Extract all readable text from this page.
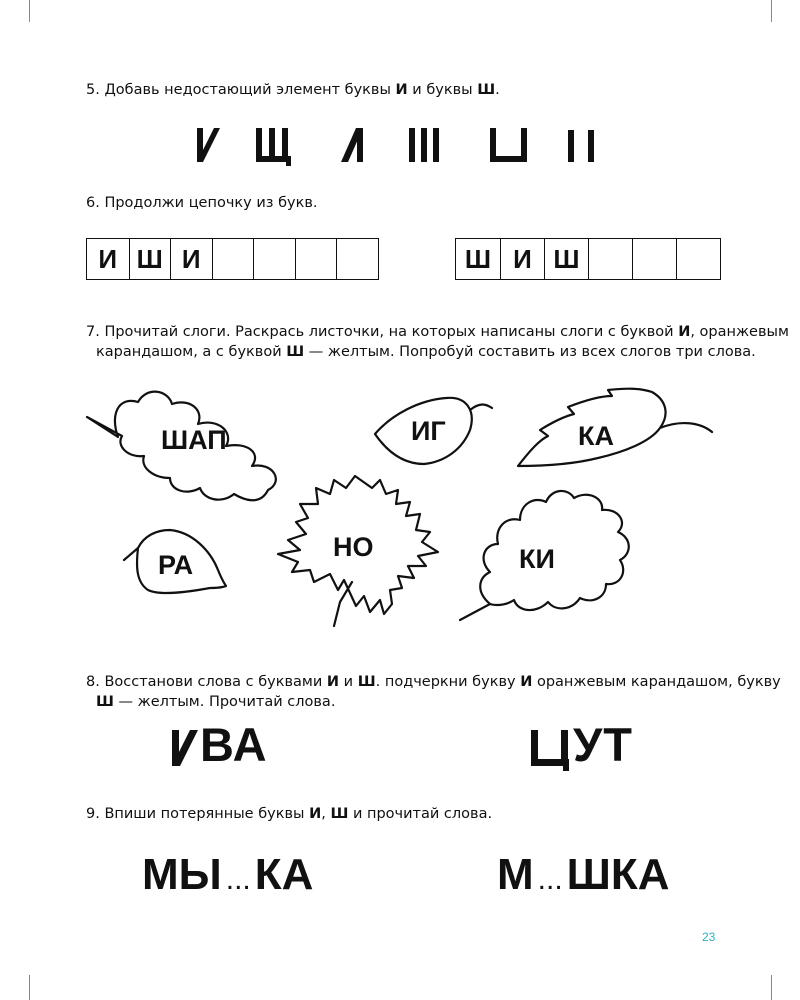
5. Добавь недостающий элемент буквы И и буквы Ш.
6. Продолжи цепочку из букв.
И Ш И	Ш И Ш
7. Прочитай слоги. Раскрась листочки, на которых написаны слоги с буквой И, оранжевым
карандашом, а с буквой Ш — желтым. Попробуй составить из всех слогов три слова.
ШАП	ИГ	КА
РА
НО	КИ
8. Восстанови слова с буквами И и Ш. подчеркни букву И оранжевым карандашом, букву
Ш — желтым. Прочитай слова.
ВА	УТ
9. Впиши потерянные буквы И, Ш и прочитай слова.
МЫ ...КА	М ...ШКА
23
